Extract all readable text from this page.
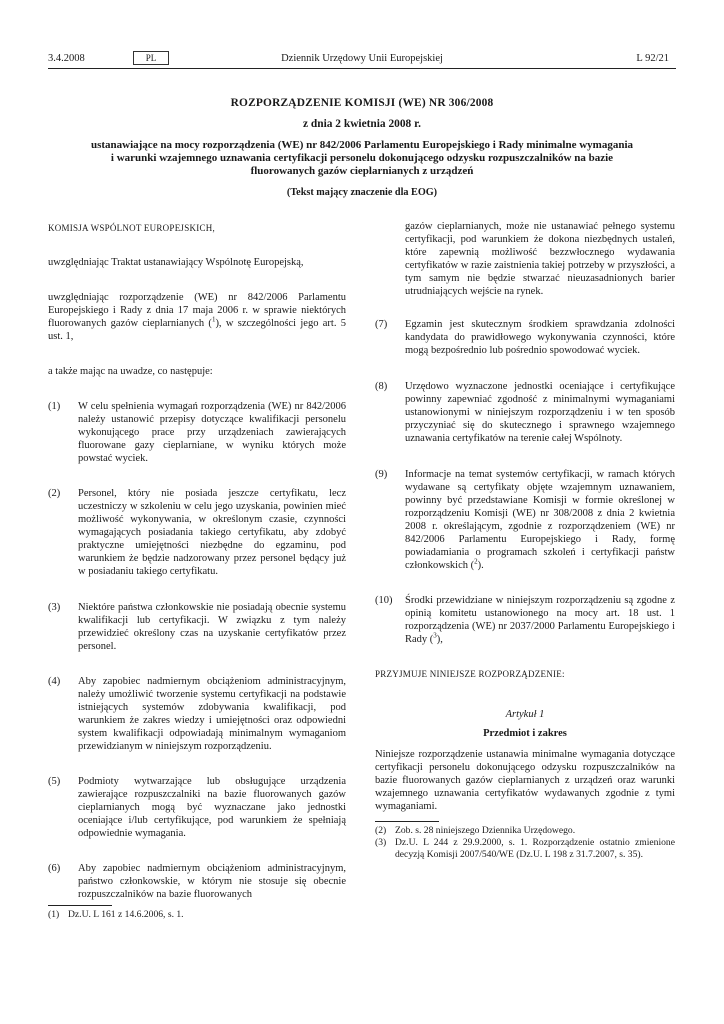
3.4.2008	PL	Dziennik Urzędowy Unii Europejskiej	L 92/21
ROZPORZĄDZENIE KOMISJI (WE) NR 306/2008
z dnia 2 kwietnia 2008 r.
ustanawiające na mocy rozporządzenia (WE) nr 842/2006 Parlamentu Europejskiego i Rady minimalne wymagania i warunki wzajemnego uznawania certyfikacji personelu dokonującego odzysku rozpuszczalników na bazie fluorowanych gazów cieplarnianych z urządzeń
(Tekst mający znaczenie dla EOG)

KOMISJA WSPÓLNOT EUROPEJSKICH,

uwzględniając Traktat ustanawiający Wspólnotę Europejską,

uwzględniając rozporządzenie (WE) nr 842/2006 Parlamentu Europejskiego i Rady z dnia 17 maja 2006 r. w sprawie niektórych fluorowanych gazów cieplarnianych ($^1$), w szczególności jego art. 5 ust. 1,

a także mając na uwadze, co następuje:

(1)	W celu spełnienia wymagań rozporządzenia (WE) nr 842/2006 należy ustanowić przepisy dotyczące kwalifikacji personelu wykonującego prace przy urządzeniach zawierających fluorowane gazy cieplarniane, w wyniku których może powstać wyciek.
(2)	Personel, który nie posiada jeszcze certyfikatu, lecz uczestniczy w szkoleniu w celu jego uzyskania, powinien mieć możliwość wykonywania, w określonym czasie, czynności wymagających posiadania takiego certyfikatu, aby zdobyć praktyczne umiejętności niezbędne do egzaminu, pod warunkiem że będzie nadzorowany przez personel będący już w posiadaniu takiego certyfikatu.
(3)	Niektóre państwa członkowskie nie posiadają obecnie systemu kwalifikacji lub certyfikacji. W związku z tym należy przewidzieć określony czas na uzyskanie certyfikatów przez personel.
(4)	Aby zapobiec nadmiernym obciążeniom administracyjnym, należy umożliwić tworzenie systemu certyfikacji na podstawie istniejących systemów zdobywania kwalifikacji, pod warunkiem że zakres wiedzy i umiejętności oraz odpowiedni system kwalifikacji odpowiadają minimalnym wymaganiom przewidzianym w niniejszym rozporządzeniu.
(5)	Podmioty wytwarzające lub obsługujące urządzenia zawierające rozpuszczalniki na bazie fluorowanych gazów cieplarnianych mogą być wyznaczane jako jednostki oceniające i/lub certyfikujące, pod warunkiem że spełniają odpowiednie wymagania.
(6)	Aby zapobiec nadmiernym obciążeniom administracyjnym, państwo członkowskie, w którym nie stosuje się obecnie rozpuszczalników na bazie fluorowanych
(1) Dz.U. L 161 z 14.6.2006, s. 1.
gazów cieplarnianych, może nie ustanawiać pełnego systemu certyfikacji, pod warunkiem że dokona niezbędnych ustaleń, które zapewnią możliwość bezzwłocznego wydawania certyfikatów w razie zaistnienia takiej potrzeby w przyszłości, a tym samym nie będzie stwarzać nieuzasadnionych barier utrudniających wejście na rynek.
(7)	Egzamin jest skutecznym środkiem sprawdzania zdolności kandydata do prawidłowego wykonywania czynności, które mogą bezpośrednio lub pośrednio spowodować wyciek.
(8)	Urzędowo wyznaczone jednostki oceniające i certyfikujące powinny zapewniać zgodność z minimalnymi wymaganiami ustanowionymi w niniejszym rozporządzeniu i w ten sposób przyczyniać się do skutecznego i sprawnego wzajemnego uznawania certyfikatów na terenie całej Wspólnoty.
(9)	Informacje na temat systemów certyfikacji, w ramach których wydawane są certyfikaty objęte wzajemnym uznawaniem, powinny być przedstawiane Komisji w formie określonej w rozporządzeniu Komisji (WE) nr 308/2008 z dnia 2 kwietnia 2008 r. określającym, zgodnie z rozporządzeniem (WE) nr 842/2006 Parlamentu Europejskiego i Rady, formę powiadamiania o programach szkoleń i certyfikacji państw członkowskich ($^2$).
(10)	Środki przewidziane w niniejszym rozporządzeniu są zgodne z opinią komitetu ustanowionego na mocy art. 18 ust. 1 rozporządzenia (WE) nr 2037/2000 Parlamentu Europejskiego i Rady ($^3$),

PRZYJMUJE NINIEJSZE ROZPORZĄDZENIE:

Artykuł 1

Przedmiot i zakres

Niniejsze rozporządzenie ustanawia minimalne wymagania dotyczące certyfikacji personelu dokonującego odzysku rozpuszczalników na bazie fluorowanych gazów cieplarnianych z urządzeń oraz warunki wzajemnego uznawania certyfikatów wydawanych zgodnie z tymi wymaganiami.

(2) Zob. s. 28 niniejszego Dziennika Urzędowego.
(3) Dz.U. L 244 z 29.9.2000, s. 1. Rozporządzenie ostatnio zmienione decyzją Komisji 2007/540/WE (Dz.U. L 198 z 31.7.2007, s. 35).
